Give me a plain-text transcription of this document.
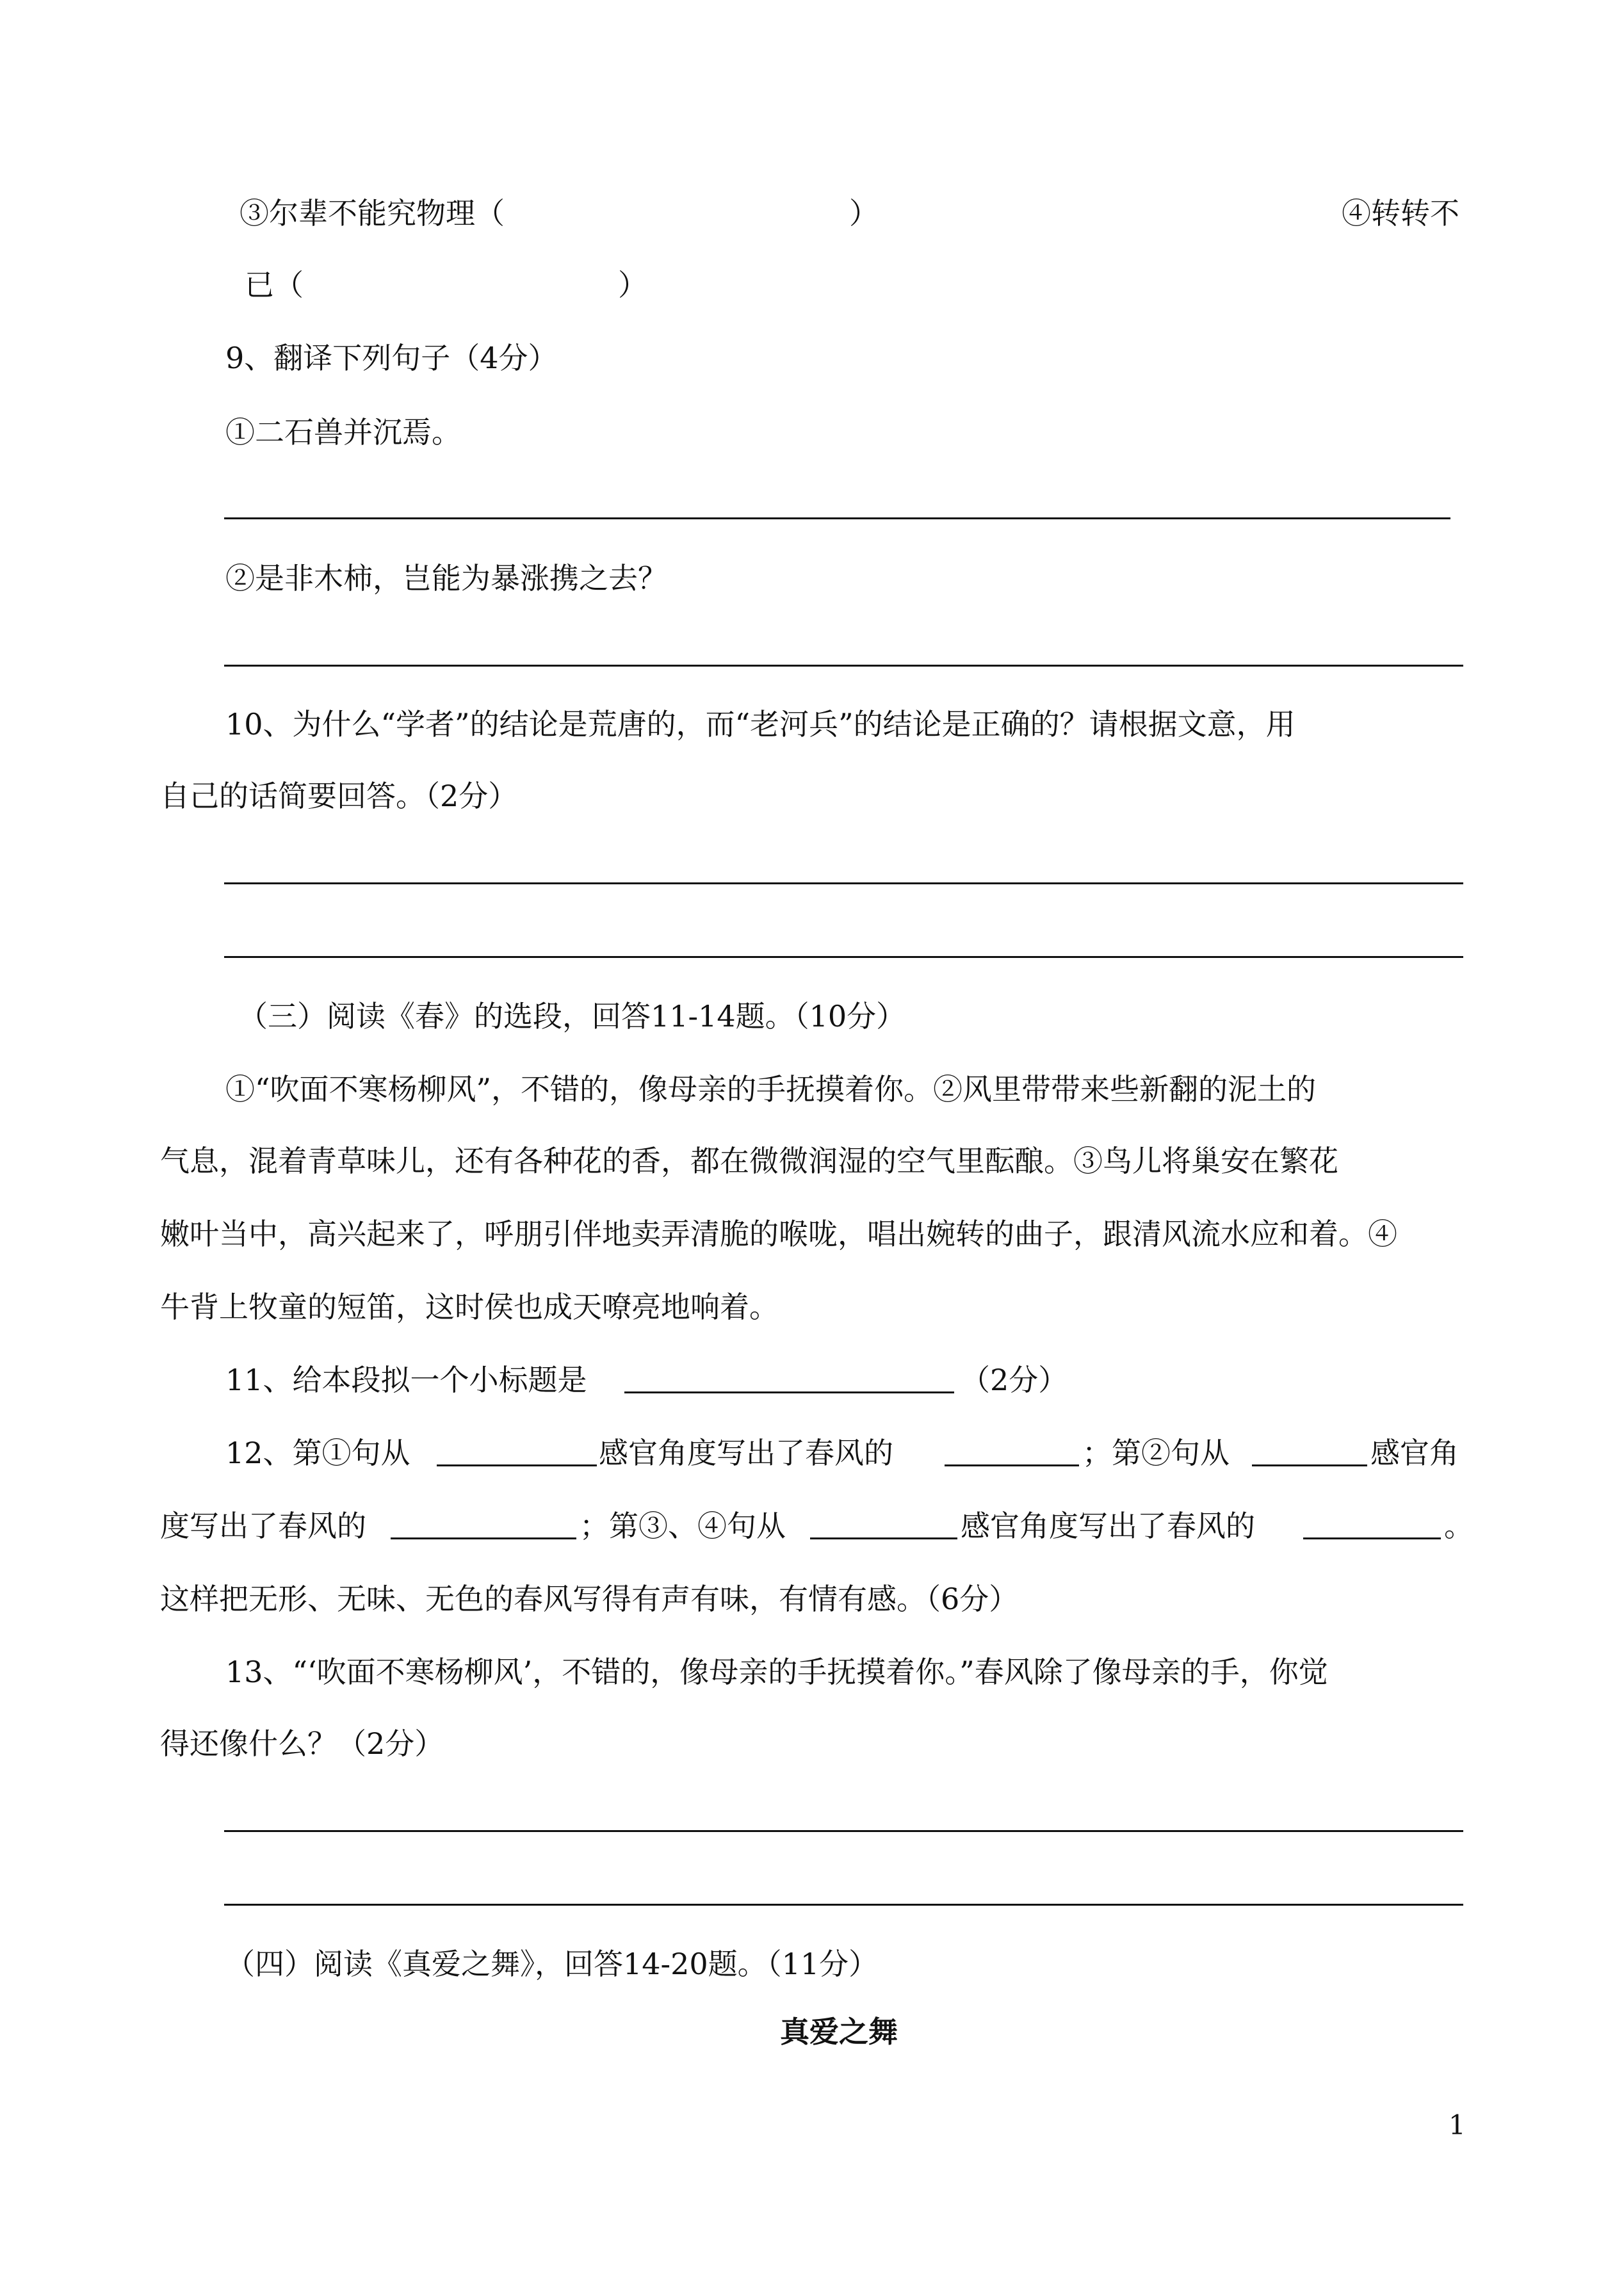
③尔辈不能究物理（	）	④转转不
已（	）
9、翻译下列句子（4分）
①二石兽并沉焉。
②是非木柿，岂能为暴涨携之去？
10、为什么“学者”的结论是荒唐的，而“老河兵”的结论是正确的？请根据文意，用
自己的话简要回答。（2分）
（三）阅读《春》的选段，回答11-14题。（10分）
①“吹面不寒杨柳风”，不错的，像母亲的手抚摸着你。②风里带带来些新翻的泥土的
气息，混着青草味儿，还有各种花的香，都在微微润湿的空气里酝酿。③鸟儿将巢安在繁花
嫩叶当中，高兴起来了，呼朋引伴地卖弄清脆的喉咙，唱出婉转的曲子，跟清风流水应和着。④
牛背上牧童的短笛，这时侯也成天嘹亮地响着。
11、给本段拟一个小标题是	（2分）
12、第①句从	感官角度写出了春风的	；第②句从	感官角
度写出了春风的	；第③、④句从	感官角度写出了春风的	。
这样把无形、无味、无色的春风写得有声有味，有情有感。（6分）
13、“‘吹面不寒杨柳风’，不错的，像母亲的手抚摸着你。”春风除了像母亲的手，你觉
得还像什么？（2分）
（四）阅读《真爱之舞》，回答14-20题。（11分）
真爱之舞
1
